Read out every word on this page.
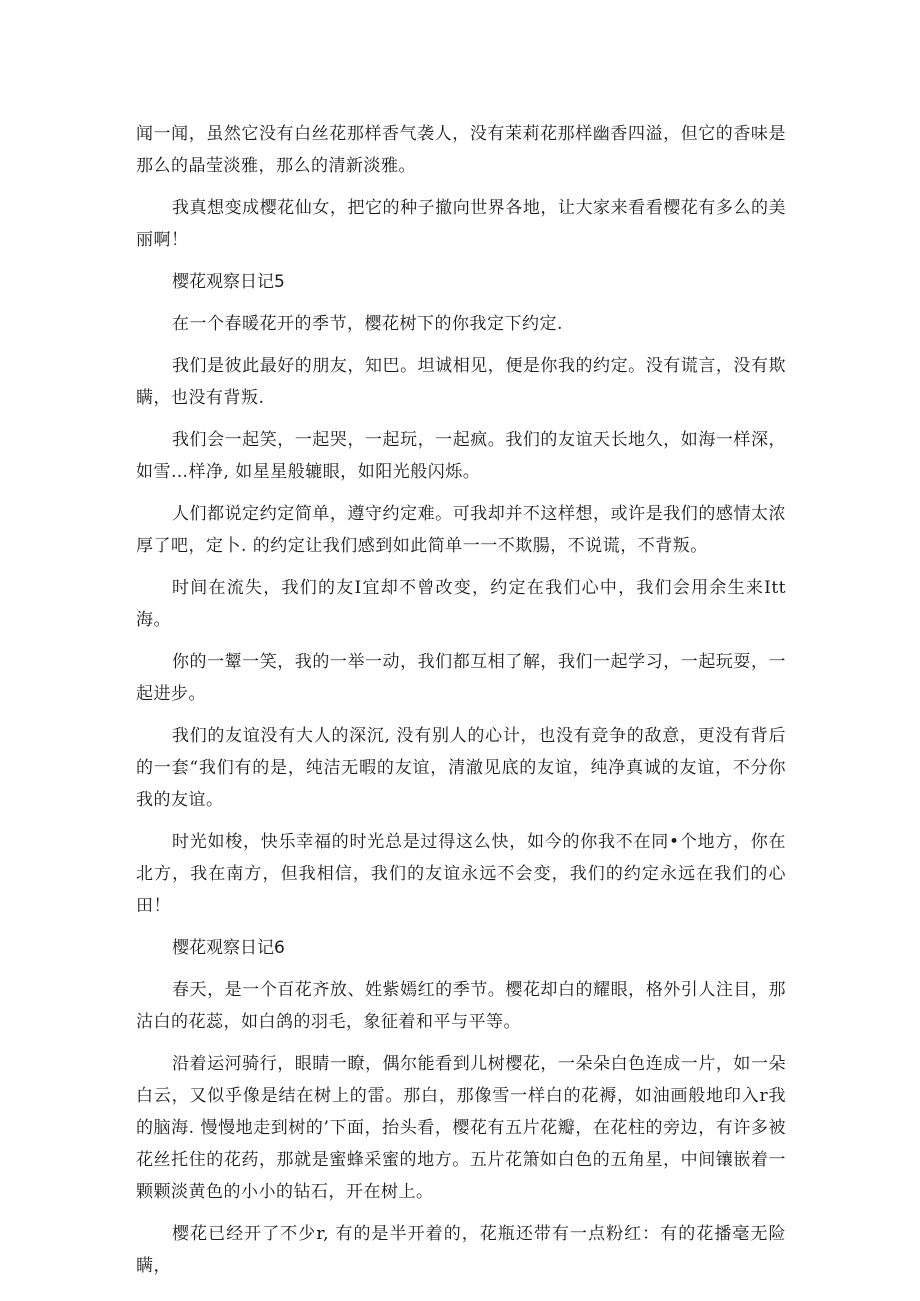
闻一闻，虽然它没有白丝花那样香气袭人，没有茉莉花那样幽香四溢，但它的香味是那么的晶莹淡雅，那么的清新淡雅。

我真想变成樱花仙女，把它的种子撤向世界各地，让大家来看看樱花有多么的美丽啊！

樱花观察日记5

在一个春暖花开的季节，樱花树下的你我定下约定.

我们是彼此最好的朋友，知巴。坦诚相见，便是你我的约定。没有谎言，没有欺瞒，也没有背叛.

我们会一起笑，一起哭，一起玩，一起疯。我们的友谊天长地久，如海一样深，如雪…样净, 如星星般辘眼，如阳光般闪烁。

人们都说定约定简单，遵守约定难。可我却并不这样想，或许是我们的感情太浓厚了吧，定卜. 的约定让我们感到如此简单一一不欺腸，不说谎，不背叛。

时间在流失，我们的友I宜却不曾改变，约定在我们心中，我们会用余生来Itt海。

你的一颦一笑，我的一举一动，我们都互相了解，我们一起学习，一起玩耍，一起进步。

我们的友谊没有大人的深沉, 没有别人的心计，也没有竞争的敌意，更没有背后的一套“我们有的是，纯洁无暇的友谊，清澈见底的友谊，纯净真诚的友谊，不分你我的友谊。

时光如梭，快乐幸福的时光总是过得这么快，如今的你我不在同•个地方，你在北方，我在南方，但我相信，我们的友谊永远不会变，我们的约定永远在我们的心田！

樱花观察日记6

春天，是一个百花齐放、姓紫嫣红的季节。樱花却白的耀眼，格外引人注目，那沽白的花蕊，如白鸽的羽毛，象征着和平与平等。

沿着运河骑行，眼睛一瞭，偶尔能看到儿树樱花，一朵朵白色连成一片，如一朵白云，又似乎像是结在树上的雷。那白，那像雪一样白的花褥，如油画般地印入r我的脑海. 慢慢地走到树的’下面，抬头看，樱花有五片花瓣，在花柱的旁边，有许多被花丝托住的花药，那就是蜜蜂采蜜的地方。五片花箫如白色的五角星，中间镶嵌着一颗颗淡黄色的小小的钻石，开在树上。

樱花已经开了不少r, 有的是半开着的，花瓶还带有一点粉红：有的花播毫无险瞒，
